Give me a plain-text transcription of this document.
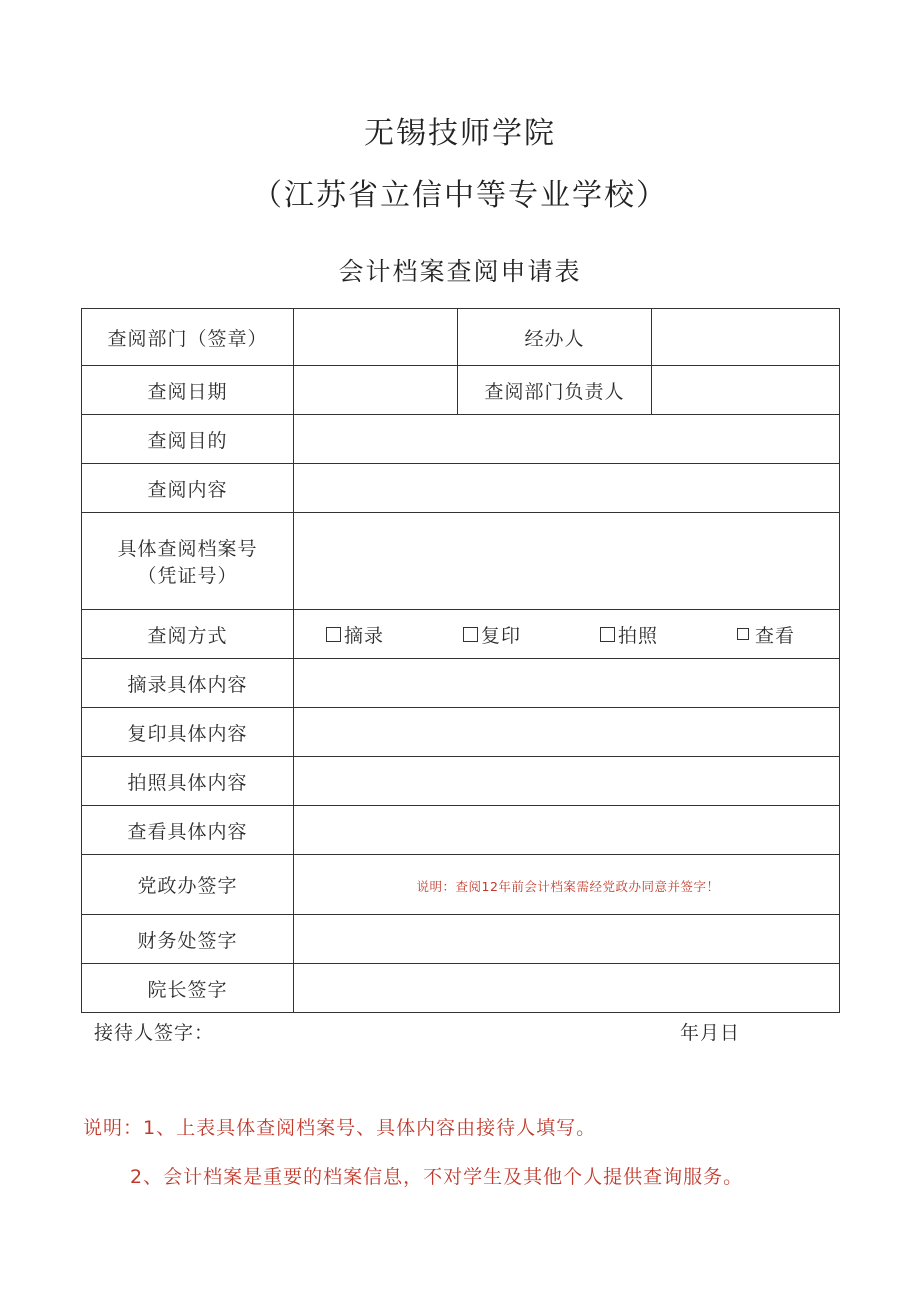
无锡技师学院
（江苏省立信中等专业学校）
会计档案查阅申请表
查阅部门（签章）		经办人	
查阅日期		查阅部门负责人	
查阅目的			
查阅内容			

具体查阅档案号
（凭证号）			

查阅方式	摘录 复印 拍照 查看		

摘录具体内容			
复印具体内容			
拍照具体内容			
查看具体内容			
党政办签字	说明：查阅12年前会计档案需经党政办同意并签字！		
财务处签字			
院长签字			
接待人签字：	年月日
说明：1、上表具体查阅档案号、具体内容由接待人填写。
2、会计档案是重要的档案信息，不对学生及其他个人提供查询服务。
